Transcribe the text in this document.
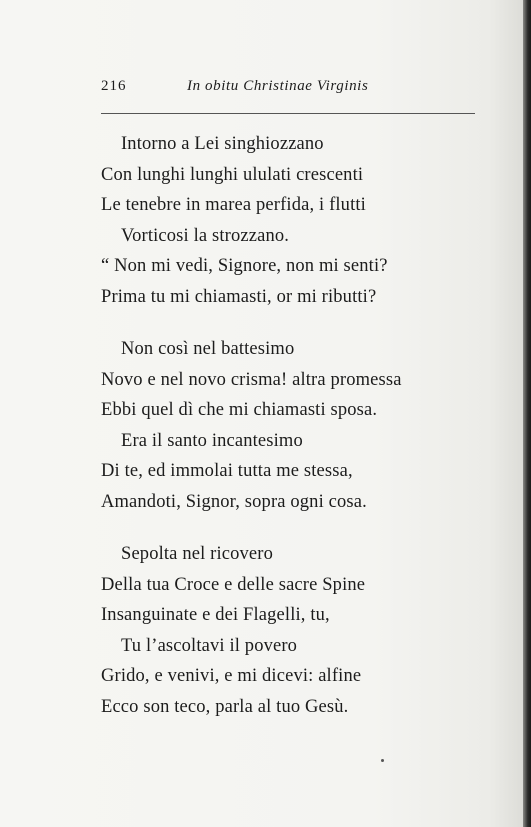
216	In obitu Christinae Virginis
Intorno a Lei singhiozzano
Con lunghi lunghi ululati crescenti
Le tenebre in marea perfida, i flutti
Vorticosi la strozzano.
“ Non mi vedi, Signore, non mi senti?
Prima tu mi chiamasti, or mi ributti?
Non così nel battesimo
Novo e nel novo crisma! altra promessa
Ebbi quel dì che mi chiamasti sposa.
Era il santo incantesimo
Di te, ed immolai tutta me stessa,
Amandoti, Signor, sopra ogni cosa.
Sepolta nel ricovero
Della tua Croce e delle sacre Spine
Insanguinate e dei Flagelli, tu,
Tu l’ascoltavi il povero
Grido, e venivi, e mi dicevi: alfine
Ecco son teco, parla al tuo Gesù.
